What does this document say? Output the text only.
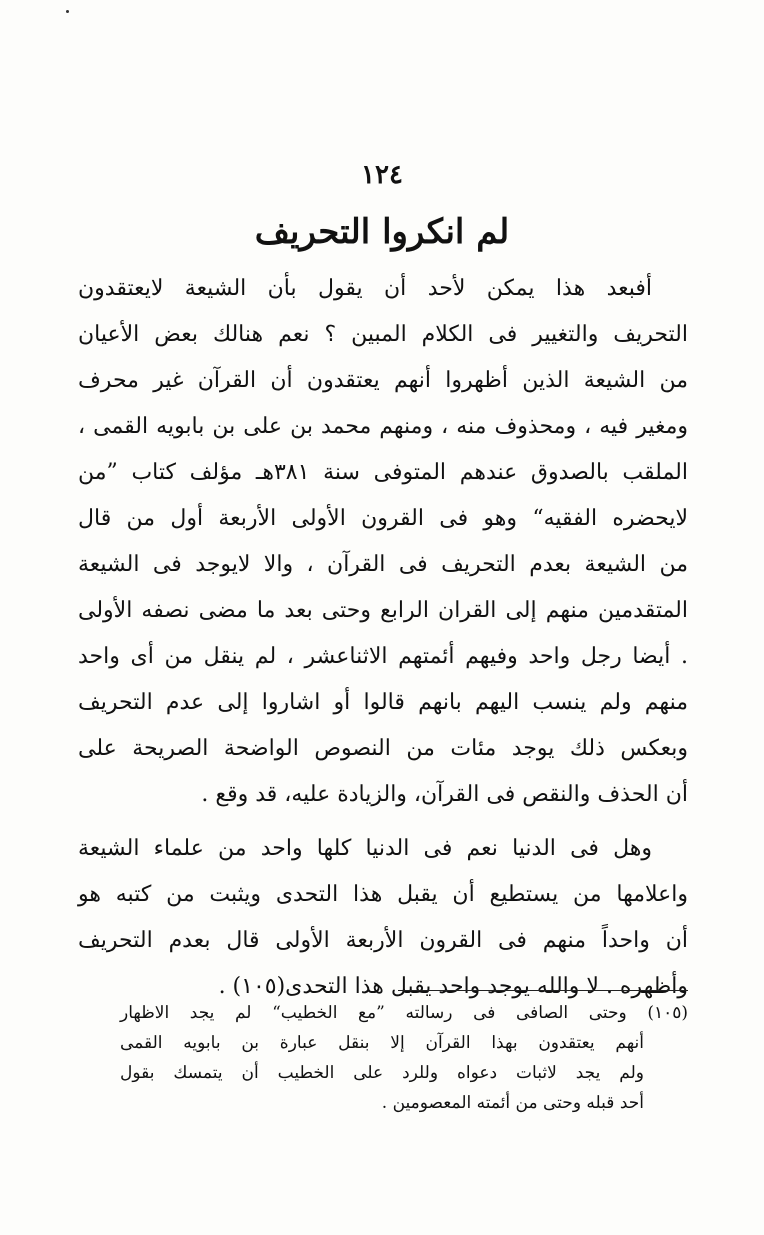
١٢٤
لم انكروا التحريف
أفبعد هذا يمكن لأحد أن يقول بأن الشيعة لايعتقدون
التحريف والتغيير فى الكلام المبين ؟ نعم هنالك بعض الأعيان
من الشيعة الذين أظهروا أنهم يعتقدون أن القرآن غير محرف
ومغير فيه ، ومحذوف منه ، ومنهم محمد بن على بن بابويه القمى ،
الملقب بالصدوق عندهم المتوفى سنة ٣٨١هـ مؤلف كتاب ”من
لايحضره الفقيه“ وهو فى القرون الأولى الأربعة أول من قال
من الشيعة بعدم التحريف فى القرآن ، والا لايوجد فى الشيعة
المتقدمين منهم إلى القران الرابع وحتى بعد ما مضى نصفه الأولى
. أيضا رجل واحد وفيهم أئمتهم الاثناعشر ، لم ينقل من أى واحد
منهم ولم ينسب اليهم بانهم قالوا أو اشاروا إلى عدم التحريف
وبعكس ذلك يوجد مئات من النصوص الواضحة الصريحة على
أن الحذف والنقص فى القرآن، والزيادة عليه، قد وقع .
وهل فى الدنيا نعم فى الدنيا كلها واحد من علماء الشيعة
واعلامها من يستطيع أن يقبل هذا التحدى ويثبت من كتبه هو
أن واحداً منهم فى القرون الأربعة الأولى قال بعدم التحريف
وأظهره . لا والله يوجد واحد يقبل هذا التحدى(١٠٥) .
(١٠٥) وحتى الصافى فى رسالته ”مع الخطيب“ لم يجد الاظهار
أنهم يعتقدون بهذا القرآن إلا بنقل عبارة بن بابويه القمى
ولم يجد لاثبات دعواه وللرد على الخطيب أن يتمسك بقول
أحد قبله وحتى من أئمته المعصومين .
